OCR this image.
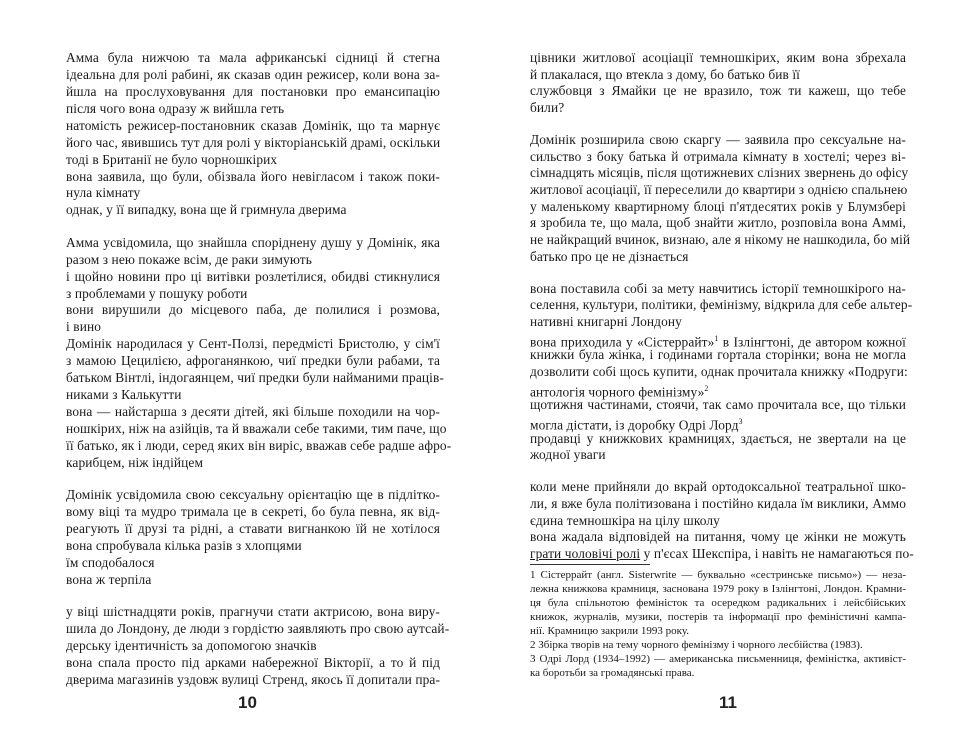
10
Амма була нижчою та мала африканські сідниці й стегна
ідеальна для ролі рабині, як сказав один режисер, коли вона за-
йшла на прослуховування для постановки про емансипацію
після чого вона одразу ж вийшла геть
натомість режисер-постановник сказав Домінік, що та марнує
його час, явившись тут для ролі у вікторіанській драмі, оскільки
тоді в Британії не було чорношкірих
вона заявила, що були, обізвала його невігласом і також поки-
нула кімнату
однак, у її випадку, вона ще й гримнула дверима
Амма усвідомила, що знайшла споріднену душу у Домінік, яка
разом з нею покаже всім, де раки зимують
і щойно новини про ці витівки розлетілися, обидві стикнулися
з проблемами у пошуку роботи
вони вирушили до місцевого паба, де полилися і розмова,
і вино
Домінік народилася у Сент-Ползі, передмісті Бристолю, у сім'ї
з мамою Цецилією, афроганянкою, чиї предки були рабами, та
батьком Вінтлі, індогаянцем, чиї предки були найманими праців-
никами з Калькутти
вона — найстарша з десяти дітей, які більше походили на чор-
ношкірих, ніж на азійців, та й вважали себе такими, тим паче, що
її батько, як і люди, серед яких він виріс, вважав себе радше афро-
карибцем, ніж індійцем
Домінік усвідомила свою сексуальну орієнтацію ще в підлітко-
вому віці та мудро тримала це в секреті, бо була певна, як від-
реагують її друзі та рідні, а ставати вигнанкою їй не хотілося
вона спробувала кілька разів з хлопцями
їм сподобалося
вона ж терпіла
у віці шістнадцяти років, прагнучи стати актрисою, вона виру-
шила до Лондону, де люди з гордістю заявляють про свою аутсай-
дерську ідентичність за допомогою значків
вона спала просто під арками набережної Вікторії, а то й під
дверима магазинів уздовж вулиці Стренд, якось її допитали пра-
11
цівники житлової асоціації темношкірих, яким вона збрехала
й плакалася, що втекла з дому, бо батько бив її
службовця з Ямайки це не вразило, тож ти кажеш, що тебе
били?
Домінік розширила свою скаргу — заявила про сексуальне на-
сильство з боку батька й отримала кімнату в хостелі; через ві-
сімнадцять місяців, після щотижневих слізних звернень до офісу
житлової асоціації, її переселили до квартири з однією спальнею
у маленькому квартирному блоці п'ятдесятих років у Блумзбері
я зробила те, що мала, щоб знайти житло, розповіла вона Аммі,
не найкращий вчинок, визнаю, але я нікому не нашкодила, бо мій
батько про це не дізнається
вона поставила собі за мету навчитись історії темношкірого на-
селення, культури, політики, фемінізму, відкрила для себе альтер-
нативні книгарні Лондону
вона приходила у «Сістеррайт»$^1$ в Ізлінгтоні, де автором кожної
книжки була жінка, і годинами гортала сторінки; вона не могла
дозволити собі щось купити, однак прочитала книжку «Подруги:
антологія чорного фемінізму»$^2$
щотижня частинами, стоячи, так само прочитала все, що тільки
могла дістати, із доробку Одрі Лорд$^3$
продавці у книжкових крамницях, здається, не звертали на це
жодної уваги
коли мене прийняли до вкрай ортодоксальної театральної шко-
ли, я вже була політизована і постійно кидала їм виклики, Аммо
єдина темношкіра на цілу школу
вона жадала відповідей на питання, чому це жінки не можуть
грати чоловічі ролі у п'єсах Шекспіра, і навіть не намагаються по-
1 Сістеррайт (англ. Sisterwrite — буквально «сестринське письмо») — неза-
лежна книжкова крамниця, заснована 1979 року в Ізлінгтоні, Лондон. Крамни-
ця була спільнотою феміністок та осередком радикальних і лейсбійських
книжок, журналів, музики, постерів та інформації про феміністичні кампа-
нії. Крамницю закрили 1993 року.
2 Збірка творів на тему чорного фемінізму і чорного лесбійства (1983).
3 Одрі Лорд (1934–1992) — американська письменниця, феміністка, активіст-
ка боротьби за громадянські права.
